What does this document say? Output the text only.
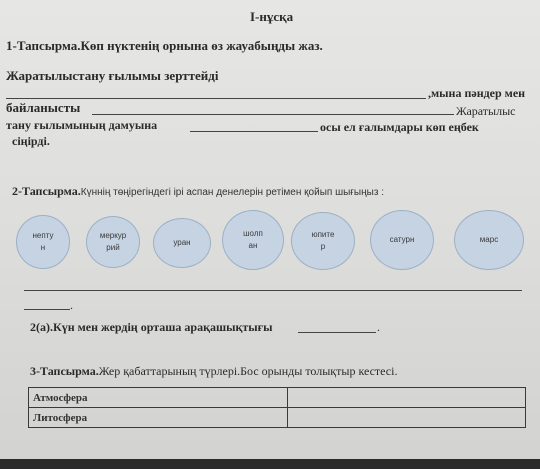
I-нұсқа
1-Тапсырма.Көп нүктенің орнына өз жауабыңды жаз.
Жаратылыстану ғылымы зерттейді
,мына пәндер мен
байланысты	Жаратылыс
тану ғылымының дамуына	осы ел ғалымдары көп еңбек
сіңірді.
2-Тапсырма.Күннің төңірегіндегі ірі аспан денелерін ретімен қойып шығыңыз :
непту
н
меркур
рий
уран
шолп
ан
юпите
р
сатурн	марс
.
2(а).Күн мен жердің орташа арақашықтығы	.
3-Тапсырма.Жер қабаттарының түрлері.Бос орынды толықтыр кестесі.
Атмосфера	
Литосфера	
